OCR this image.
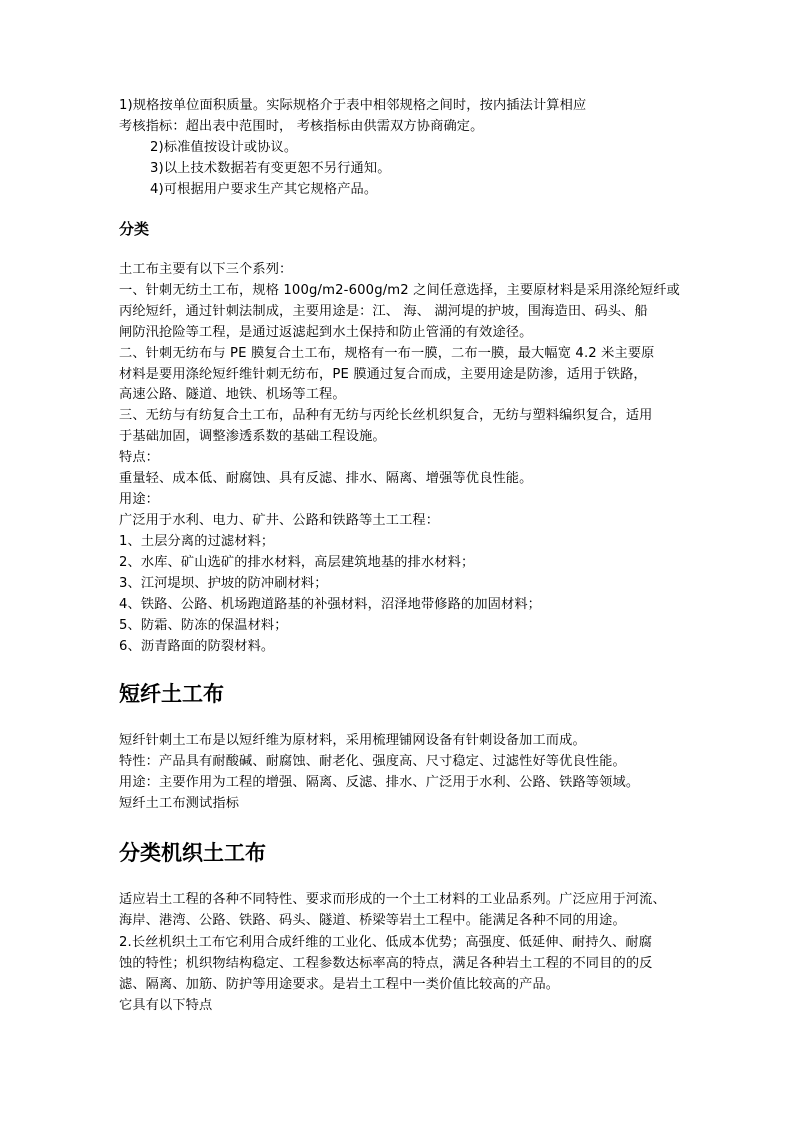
1)规格按单位面积质量。实际规格介于表中相邻规格之间时，按内插法计算相应
考核指标：超出表中范围时， 考核指标由供需双方协商确定。
2)标准值按设计或协议。
3)以上技术数据若有变更恕不另行通知。
4)可根据用户要求生产其它规格产品。
分类
土工布主要有以下三个系列：
一、针刺无纺土工布，规格 100g/m2-600g/m2 之间任意选择，主要原材料是采用涤纶短纤或
丙纶短纤，通过针刺法制成，主要用途是：江、 海、 湖河堤的护坡，围海造田、码头、船
闸防汛抢险等工程，是通过返滤起到水土保持和防止管涌的有效途径。
二、针刺无纺布与 PE 膜复合土工布，规格有一布一膜，二布一膜，最大幅宽 4.2 米主要原
材料是要用涤纶短纤维针刺无纺布，PE 膜通过复合而成，主要用途是防渗，适用于铁路，
高速公路、隧道、地铁、机场等工程。
三、无纺与有纺复合土工布，品种有无纺与丙纶长丝机织复合，无纺与塑料编织复合，适用
于基础加固，调整渗透系数的基础工程设施。
特点：
重量轻、成本低、耐腐蚀、具有反滤、排水、隔离、增强等优良性能。
用途：
广泛用于水利、电力、矿井、公路和铁路等土工工程：
1、土层分离的过滤材料；
2、水库、矿山选矿的排水材料，高层建筑地基的排水材料；
3、江河堤坝、护坡的防冲刷材料；
4、铁路、公路、机场跑道路基的补强材料，沼泽地带修路的加固材料；
5、防霜、防冻的保温材料；
6、沥青路面的防裂材料。
短纤土工布
短纤针刺土工布是以短纤维为原材料，采用梳理铺网设备有针刺设备加工而成。
特性：产品具有耐酸碱、耐腐蚀、耐老化、强度高、尺寸稳定、过滤性好等优良性能。
用途：主要作用为工程的增强、隔离、反滤、排水、广泛用于水利、公路、铁路等领域。
短纤土工布测试指标
分类机织土工布
适应岩土工程的各种不同特性、要求而形成的一个土工材料的工业品系列。广泛应用于河流、
海岸、港湾、公路、铁路、码头、隧道、桥梁等岩土工程中。能满足各种不同的用途。
2.长丝机织土工布它利用合成纤维的工业化、低成本优势；高强度、低延伸、耐持久、耐腐
蚀的特性；机织物结构稳定、工程参数达标率高的特点，满足各种岩土工程的不同目的的反
滤、隔离、加筋、防护等用途要求。是岩土工程中一类价值比较高的产品。
它具有以下特点
